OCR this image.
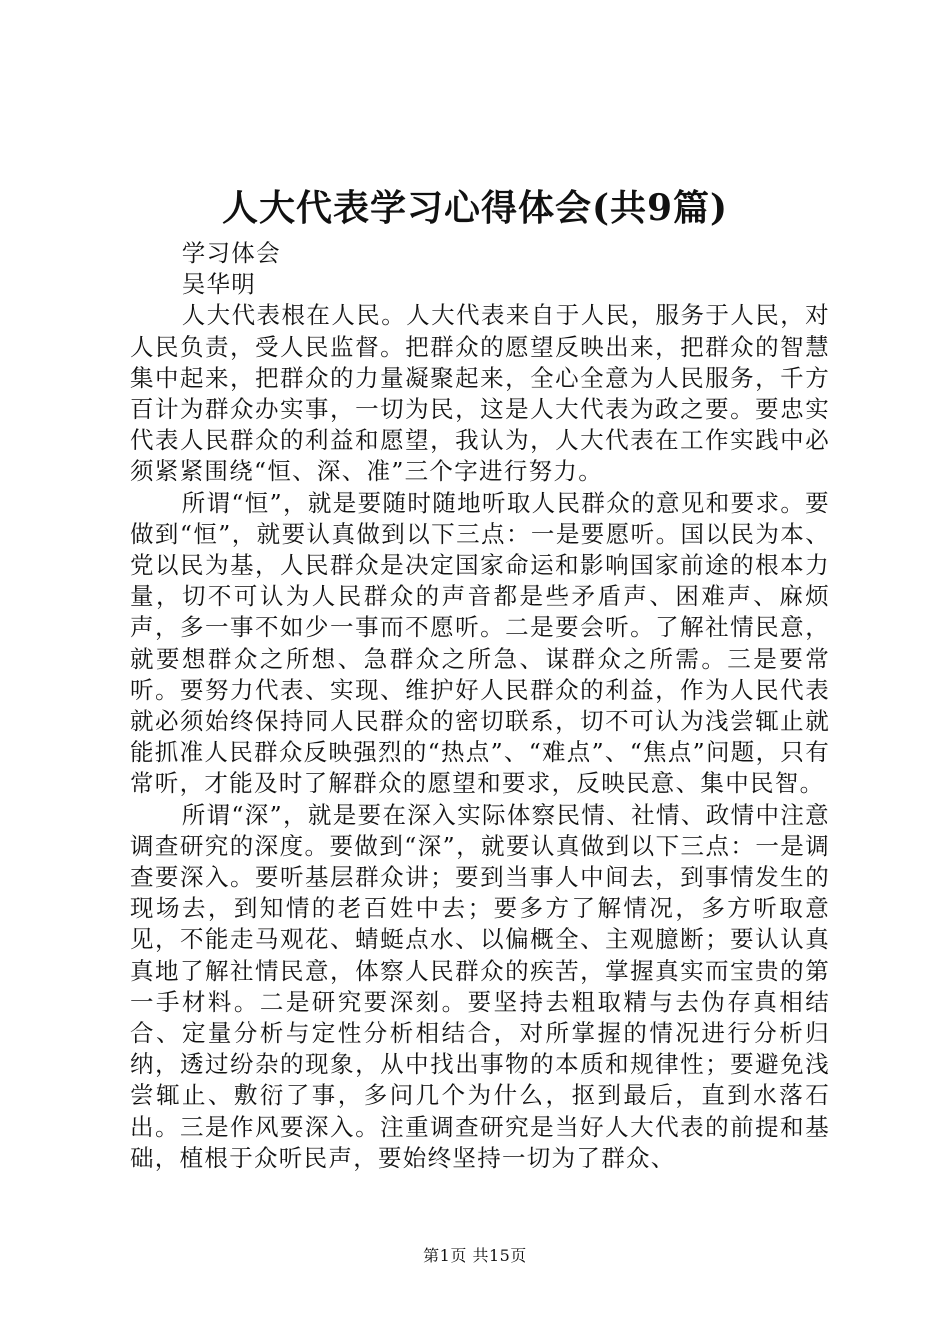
人大代表学习心得体会(共9篇)

学习体会

吴华明

人大代表根在人民。人大代表来自于人民，服务于人民，对人民负责，受人民监督。把群众的愿望反映出来，把群众的智慧集中起来，把群众的力量凝聚起来，全心全意为人民服务，千方百计为群众办实事，一切为民，这是人大代表为政之要。要忠实代表人民群众的利益和愿望，我认为，人大代表在工作实践中必须紧紧围绕“恒、深、准”三个字进行努力。

所谓“恒”，就是要随时随地听取人民群众的意见和要求。要做到“恒”，就要认真做到以下三点：一是要愿听。国以民为本、党以民为基，人民群众是决定国家命运和影响国家前途的根本力量，切不可认为人民群众的声音都是些矛盾声、困难声、麻烦声，多一事不如少一事而不愿听。二是要会听。了解社情民意，就要想群众之所想、急群众之所急、谋群众之所需。三是要常听。要努力代表、实现、维护好人民群众的利益，作为人民代表就必须始终保持同人民群众的密切联系，切不可认为浅尝辄止就能抓准人民群众反映强烈的“热点”、“难点”、“焦点”问题，只有常听，才能及时了解群众的愿望和要求，反映民意、集中民智。

所谓“深”，就是要在深入实际体察民情、社情、政情中注意调查研究的深度。要做到“深”，就要认真做到以下三点：一是调查要深入。要听基层群众讲；要到当事人中间去，到事情发生的现场去，到知情的老百姓中去；要多方了解情况，多方听取意见，不能走马观花、蜻蜓点水、以偏概全、主观臆断；要认认真真地了解社情民意，体察人民群众的疾苦，掌握真实而宝贵的第一手材料。二是研究要深刻。要坚持去粗取精与去伪存真相结合、定量分析与定性分析相结合，对所掌握的情况进行分析归纳，透过纷杂的现象，从中找出事物的本质和规律性；要避免浅尝辄止、敷衍了事，多问几个为什么，抠到最后，直到水落石出。三是作风要深入。注重调查研究是当好人大代表的前提和基础，植根于众听民声，要始终坚持一切为了群众、

第1页 共15页
